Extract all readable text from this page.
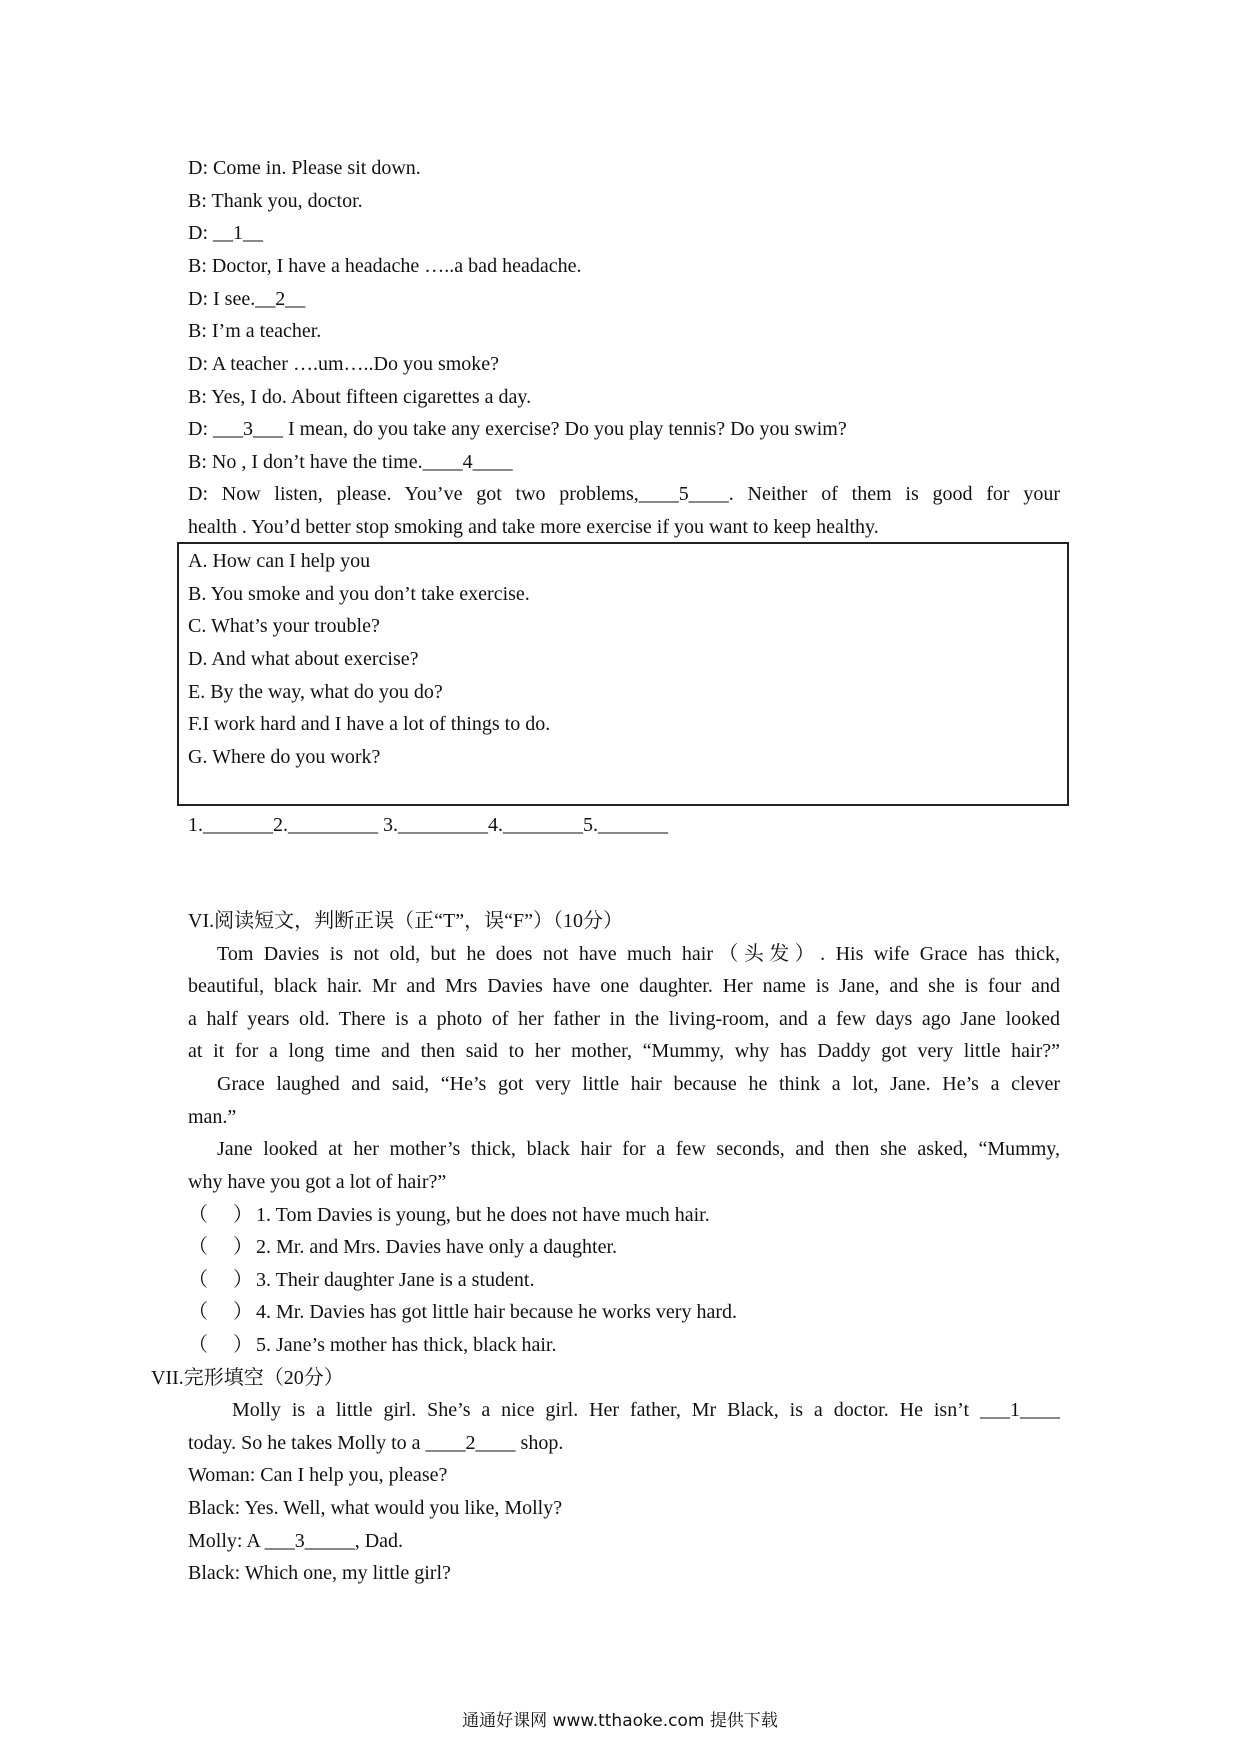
D: Come in. Please sit down.
B: Thank you, doctor.
D: __1__
B: Doctor, I have a headache …..a bad headache.
D: I see.__2__
B: I’m a teacher.
D: A teacher ….um…..Do you smoke?
B: Yes, I do. About fifteen cigarettes a day.
D: ___3___ I mean, do you take any exercise? Do you play tennis? Do you swim?
B: No , I don’t have the time.____4____
D: Now listen, please. You’ve got two problems,____5____. Neither of them is good for your
health . You’d better stop smoking and take more exercise if you want to keep healthy.
A. How can I help you
B. You smoke and you don’t take exercise.
C. What’s your trouble?
D. And what about exercise?
E. By the way, what do you do?
F.I work hard and I have a lot of things to do.
G. Where do you work?
1._______2._________ 3._________4.________5._______
VI.阅读短文，判断正误（正“T”，误“F”）（10分）
Tom Davies is not old, but he does not have much hair（头发）. His wife Grace has thick,
beautiful, black hair. Mr and Mrs Davies have one daughter. Her name is Jane, and she is four and
a half years old. There is a photo of her father in the living-room, and a few days ago Jane looked
at it for a long time and then said to her mother, “Mummy, why has Daddy got very little hair?”
Grace laughed and said, “He’s got very little hair because he think a lot, Jane. He’s a clever
man.”
Jane looked at her mother’s thick, black hair for a few seconds, and then she asked, “Mummy,
why have you got a lot of hair?”
（　 ） 1. Tom Davies is young, but he does not have much hair.
（　 ） 2. Mr. and Mrs. Davies have only a daughter.
（　 ） 3. Their daughter Jane is a student.
（　 ） 4. Mr. Davies has got little hair because he works very hard.
（　 ） 5. Jane’s mother has thick, black hair.
VII.完形填空（20分）
Molly is a little girl. She’s a nice girl. Her father, Mr Black, is a doctor. He isn’t ___1____
today. So he takes Molly to a ____2____ shop.
Woman: Can I help you, please?
Black: Yes. Well, what would you like, Molly?
Molly: A ___3_____, Dad.
Black: Which one, my little girl?
通通好课网 www.tthaoke.com 提供下载
